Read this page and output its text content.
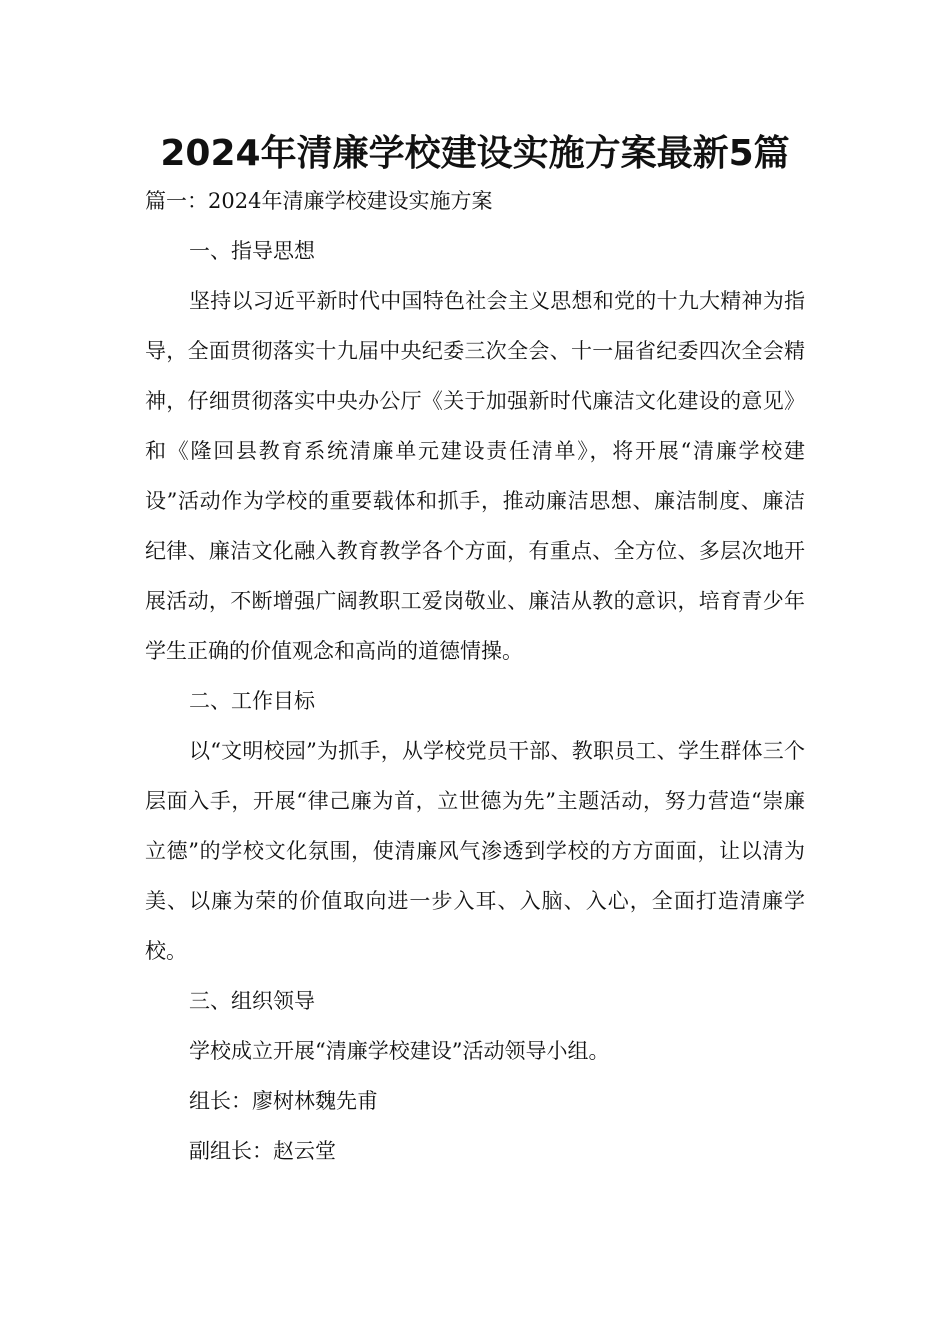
2024年清廉学校建设实施方案最新5篇

篇一：2024年清廉学校建设实施方案

一、指导思想

坚持以习近平新时代中国特色社会主义思想和党的十九大精神为指导，全面贯彻落实十九届中央纪委三次全会、十一届省纪委四次全会精神，仔细贯彻落实中央办公厅《关于加强新时代廉洁文化建设的意见》和《隆回县教育系统清廉单元建设责任清单》，将开展“清廉学校建设”活动作为学校的重要载体和抓手，推动廉洁思想、廉洁制度、廉洁纪律、廉洁文化融入教育教学各个方面，有重点、全方位、多层次地开展活动，不断增强广阔教职工爱岗敬业、廉洁从教的意识，培育青少年学生正确的价值观念和高尚的道德情操。

二、工作目标

以“文明校园”为抓手，从学校党员干部、教职员工、学生群体三个层面入手，开展“律己廉为首，立世德为先”主题活动，努力营造“崇廉立德”的学校文化氛围，使清廉风气渗透到学校的方方面面，让以清为美、以廉为荣的价值取向进一步入耳、入脑、入心，全面打造清廉学校。

三、组织领导

学校成立开展“清廉学校建设”活动领导小组。

组长：廖树林魏先甫

副组长：赵云堂
